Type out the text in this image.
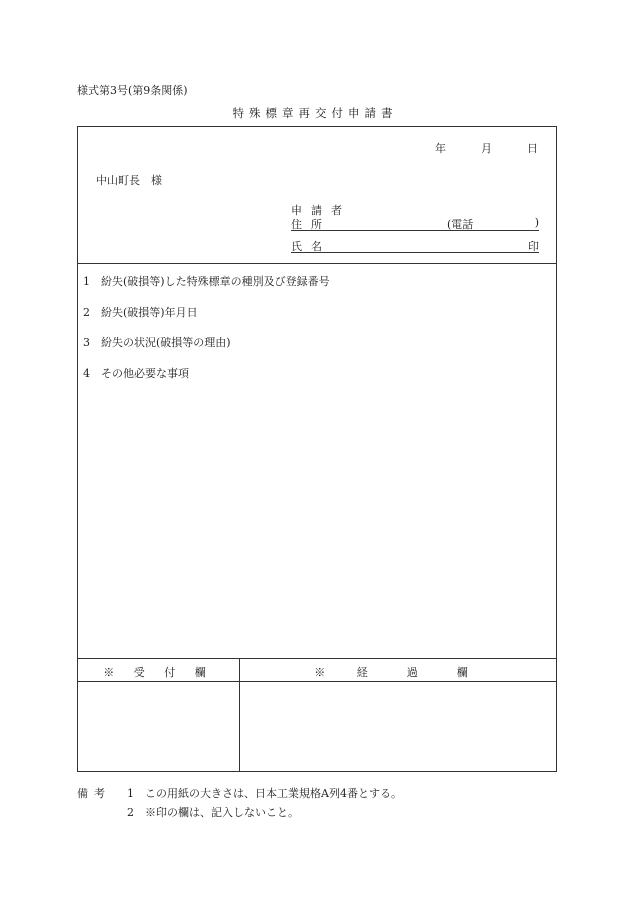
様式第3号(第9条関係)
特殊標章再交付申請書
年	月	日
中山町長　様
申請者
住所	(電話	)
氏名	印
1　紛失(破損等)した特殊標章の種別及び登録番号
2　紛失(破損等)年月日
3　紛失の状況(破損等の理由)
4　その他必要な事項
※ 受 付 欄	※ 経　過　欄
備考 1 この用紙の大きさは、日本工業規格A列4番とする。
2 ※印の欄は、記入しないこと。
